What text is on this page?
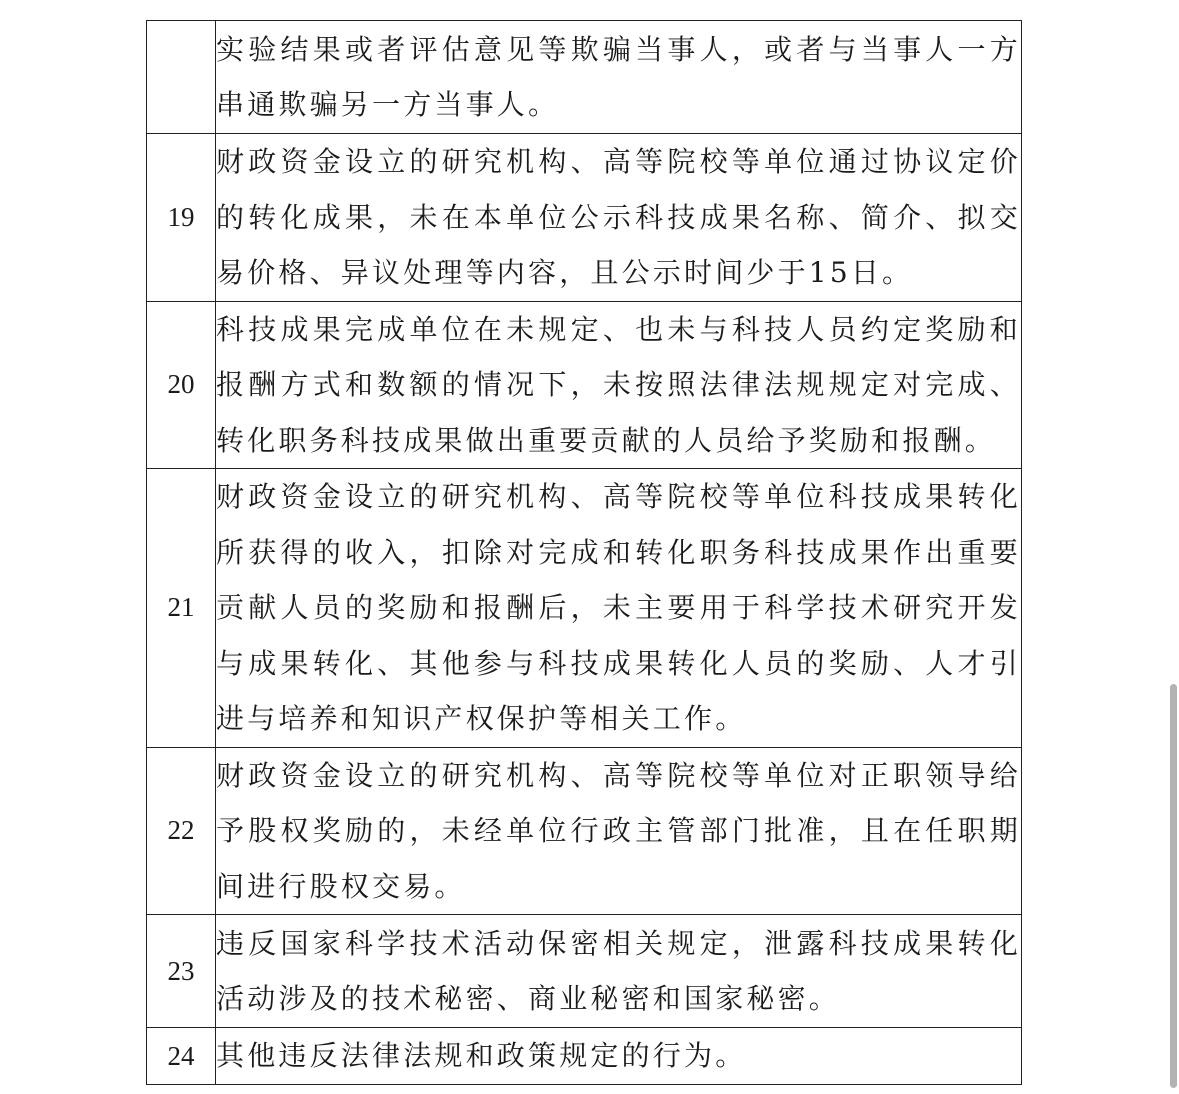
	实验结果或者评估意见等欺骗当事人，或者与当事人一方串通欺骗另一方当事人。
19	财政资金设立的研究机构、高等院校等单位通过协议定价的转化成果，未在本单位公示科技成果名称、简介、拟交易价格、异议处理等内容，且公示时间少于15日。
20	科技成果完成单位在未规定、也未与科技人员约定奖励和报酬方式和数额的情况下，未按照法律法规规定对完成、转化职务科技成果做出重要贡献的人员给予奖励和报酬。
21	财政资金设立的研究机构、高等院校等单位科技成果转化所获得的收入，扣除对完成和转化职务科技成果作出重要贡献人员的奖励和报酬后，未主要用于科学技术研究开发与成果转化、其他参与科技成果转化人员的奖励、人才引进与培养和知识产权保护等相关工作。
22	财政资金设立的研究机构、高等院校等单位对正职领导给予股权奖励的，未经单位行政主管部门批准，且在任职期间进行股权交易。
23	违反国家科学技术活动保密相关规定，泄露科技成果转化活动涉及的技术秘密、商业秘密和国家秘密。
24	其他违反法律法规和政策规定的行为。
